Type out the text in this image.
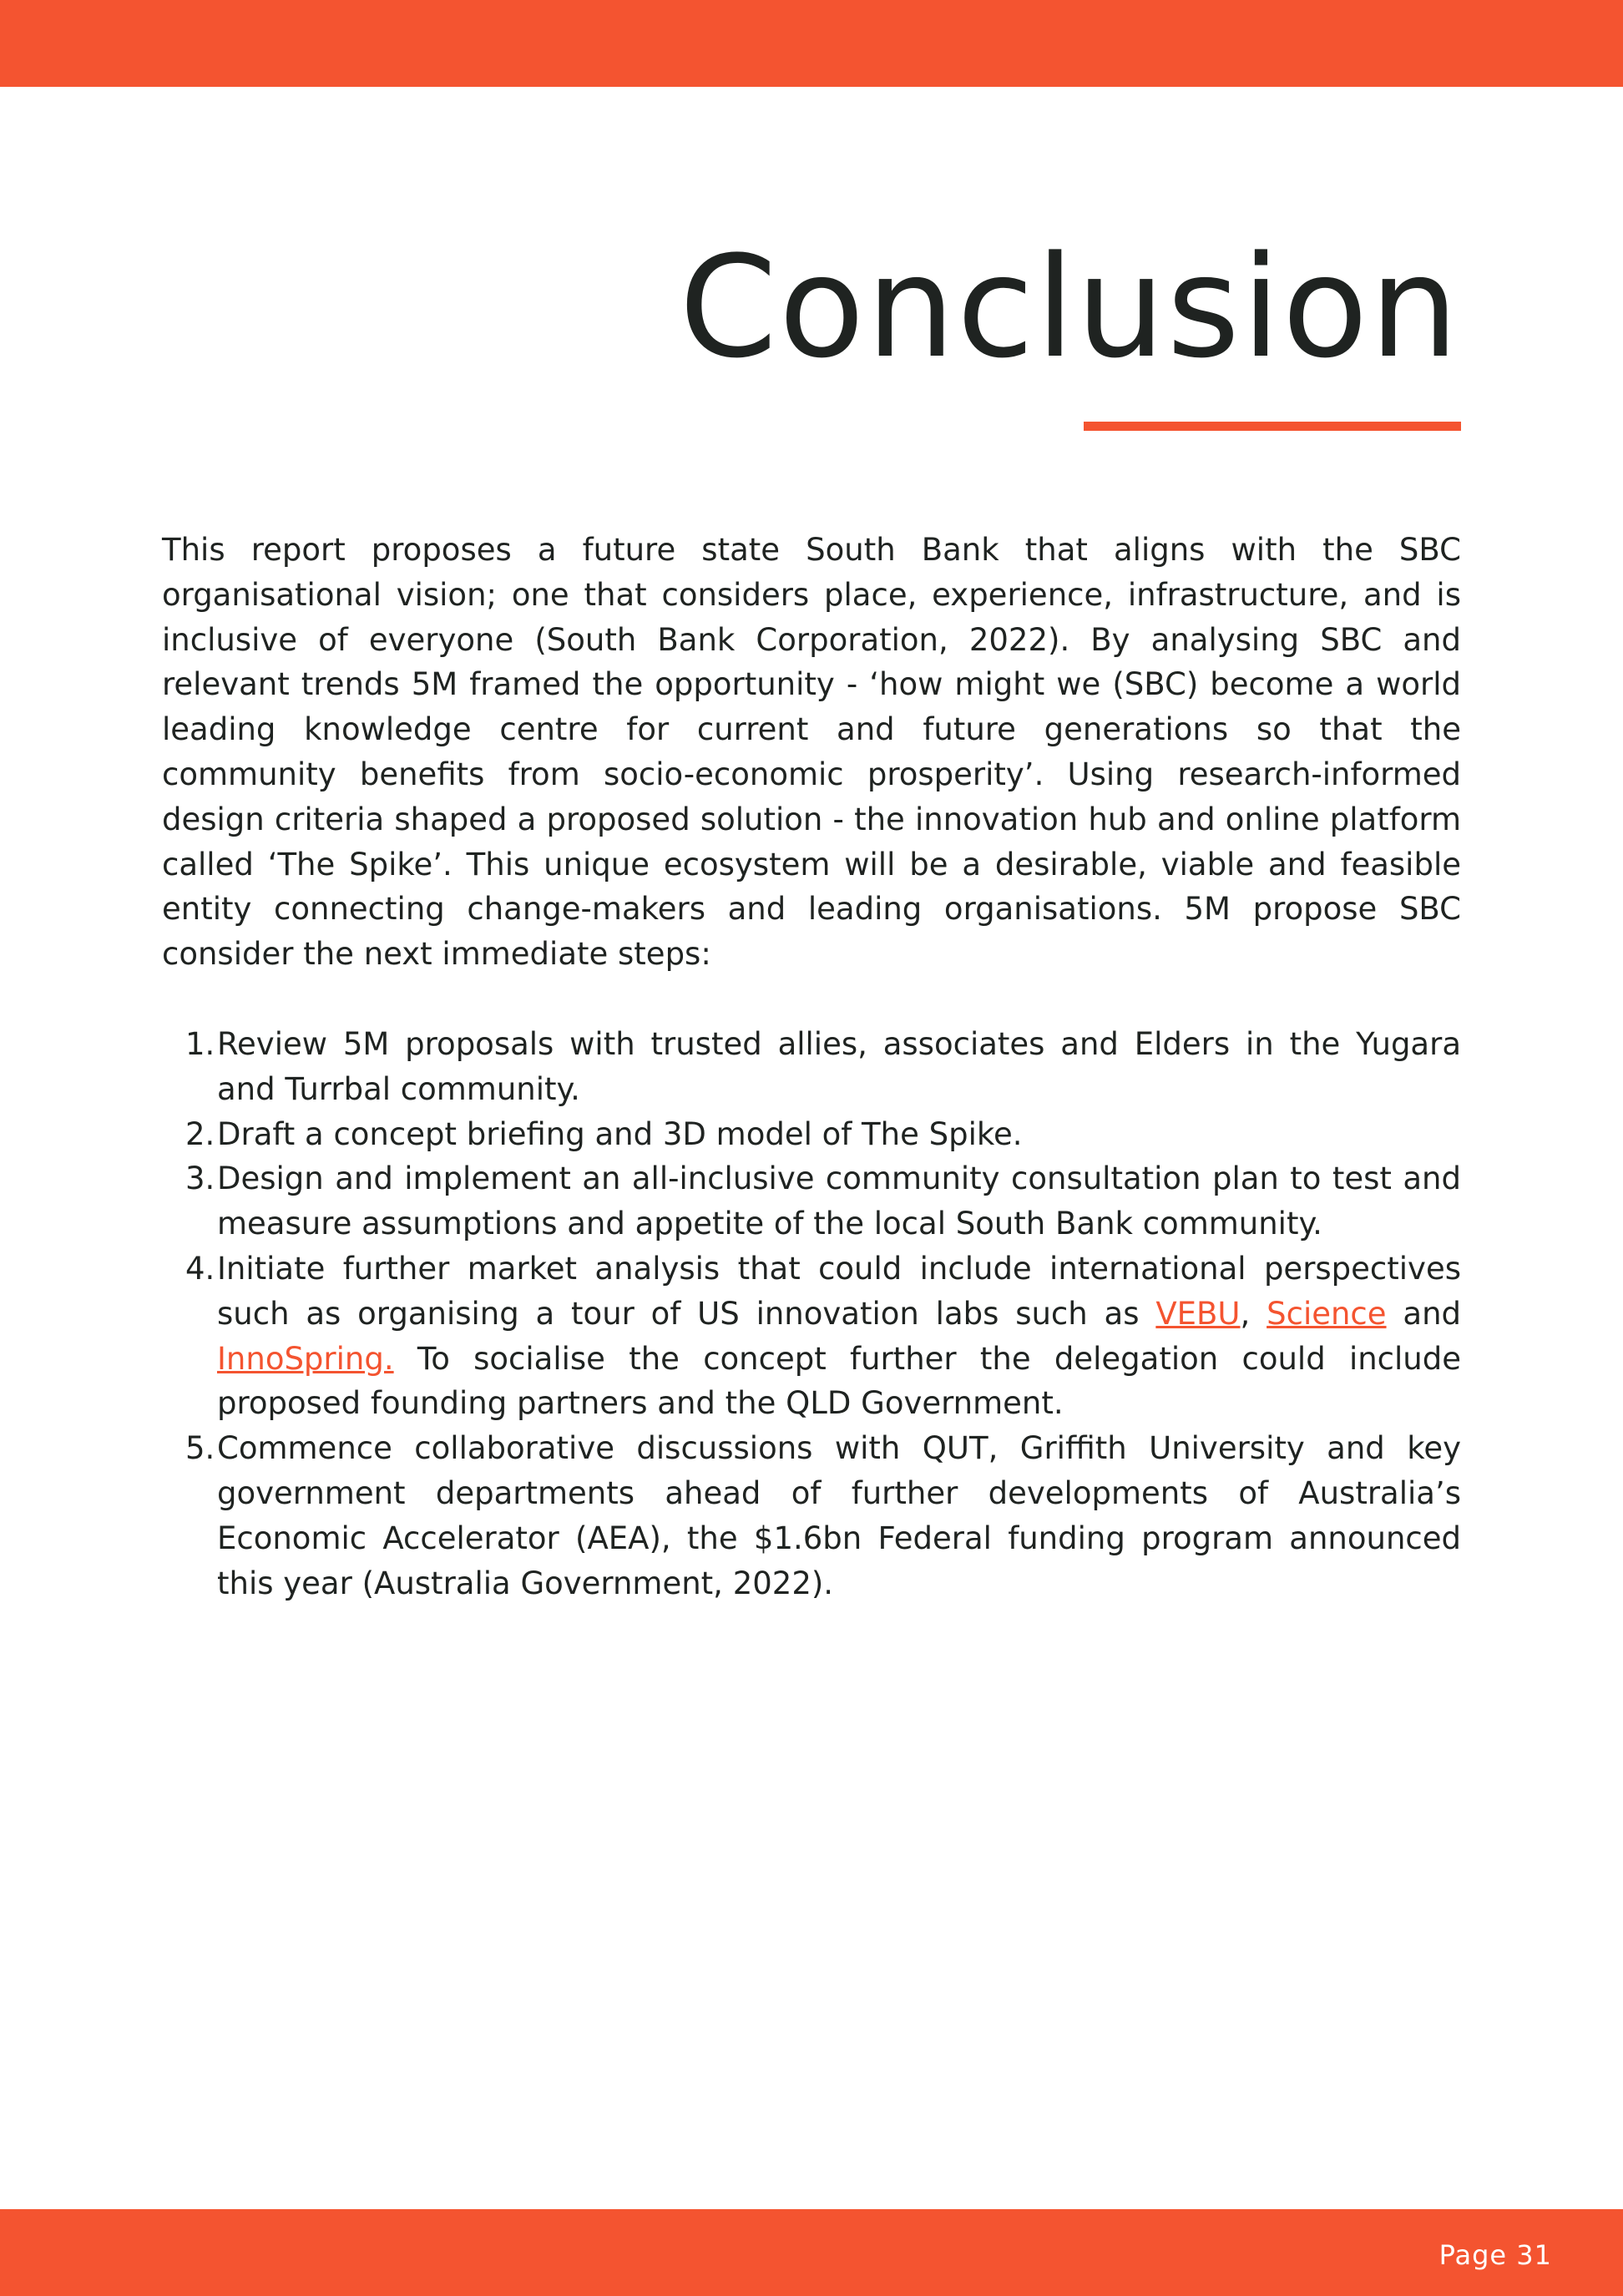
Conclusion

This report proposes a future state South Bank that aligns with the SBC organisational vision; one that considers place, experience, infrastructure, and is inclusive of everyone (South Bank Corporation, 2022). By analysing SBC and relevant trends 5M framed the opportunity - ‘how might we (SBC) become a world leading knowledge centre for current and future generations so that the community benefits from socio-economic prosperity’. Using research-informed design criteria shaped a proposed solution - the innovation hub and online platform called ‘The Spike’. This unique ecosystem will be a desirable, viable and feasible entity connecting change-makers and leading organisations. 5M propose SBC consider the next immediate steps:

1. Review 5M proposals with trusted allies, associates and Elders in the Yugara and Turrbal community.
2. Draft a concept briefing and 3D model of The Spike.
3. Design and implement an all-inclusive community consultation plan to test and measure assumptions and appetite of the local South Bank community.
4. Initiate further market analysis that could include international perspectives such as organising a tour of US innovation labs such as VEBU, Science and InnoSpring. To socialise the concept further the delegation could include proposed founding partners and the QLD Government.
5. Commence collaborative discussions with QUT, Griffith University and key government departments ahead of further developments of Australia’s Economic Accelerator (AEA), the $1.6bn Federal funding program announced this year (Australia Government, 2022).
Page 31
